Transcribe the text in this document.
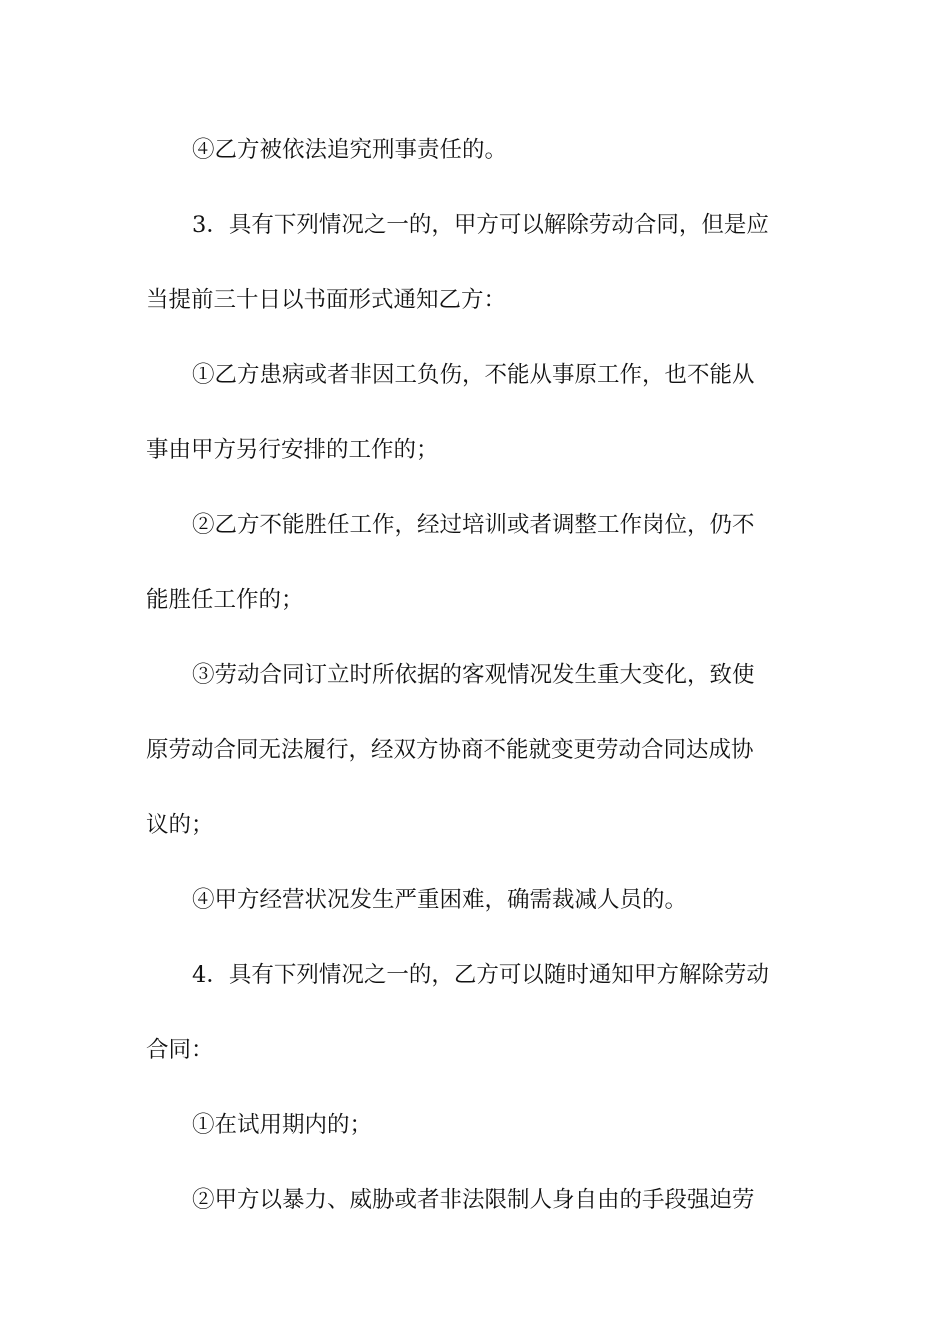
④乙方被依法追究刑事责任的。
3．具有下列情况之一的，甲方可以解除劳动合同，但是应
当提前三十日以书面形式通知乙方：
①乙方患病或者非因工负伤，不能从事原工作，也不能从
事由甲方另行安排的工作的；
②乙方不能胜任工作，经过培训或者调整工作岗位，仍不
能胜任工作的；
③劳动合同订立时所依据的客观情况发生重大变化，致使
原劳动合同无法履行，经双方协商不能就变更劳动合同达成协
议的；
④甲方经营状况发生严重困难，确需裁减人员的。
4．具有下列情况之一的，乙方可以随时通知甲方解除劳动
合同：
①在试用期内的；
②甲方以暴力、威胁或者非法限制人身自由的手段强迫劳
